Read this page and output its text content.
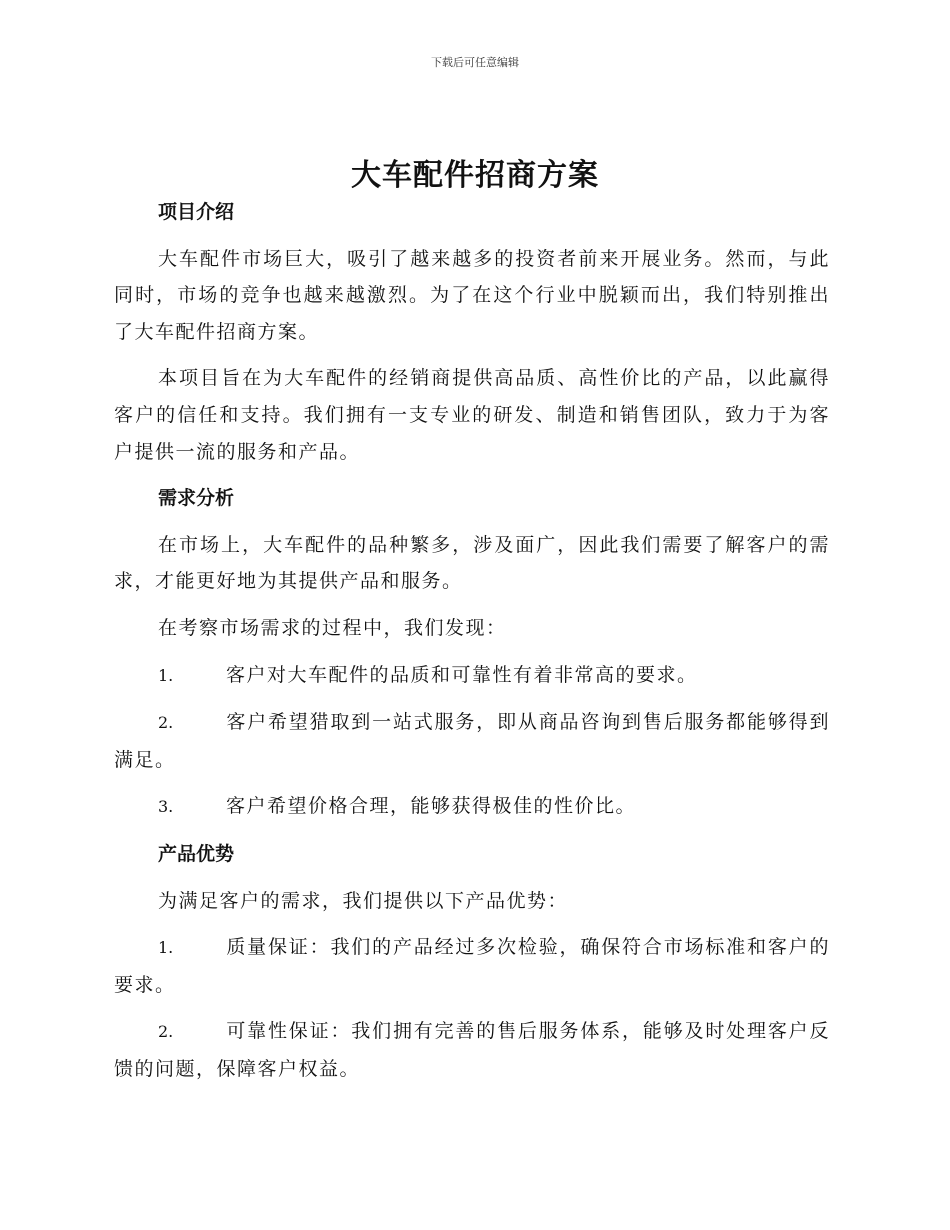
下载后可任意编辑
大车配件招商方案
项目介绍
大车配件市场巨大，吸引了越来越多的投资者前来开展业务。然而，与此同时，市场的竞争也越来越激烈。为了在这个行业中脱颖而出，我们特别推出了大车配件招商方案。
本项目旨在为大车配件的经销商提供高品质、高性价比的产品，以此赢得客户的信任和支持。我们拥有一支专业的研发、制造和销售团队，致力于为客户提供一流的服务和产品。
需求分析
在市场上，大车配件的品种繁多，涉及面广，因此我们需要了解客户的需求，才能更好地为其提供产品和服务。
在考察市场需求的过程中，我们发现：
1.	客户对大车配件的品质和可靠性有着非常高的要求。
2.	客户希望猎取到一站式服务，即从商品咨询到售后服务都能够得到满足。
3.	客户希望价格合理，能够获得极佳的性价比。
产品优势
为满足客户的需求，我们提供以下产品优势：
1.	质量保证：我们的产品经过多次检验，确保符合市场标准和客户的要求。
2.	可靠性保证：我们拥有完善的售后服务体系，能够及时处理客户反馈的问题，保障客户权益。
